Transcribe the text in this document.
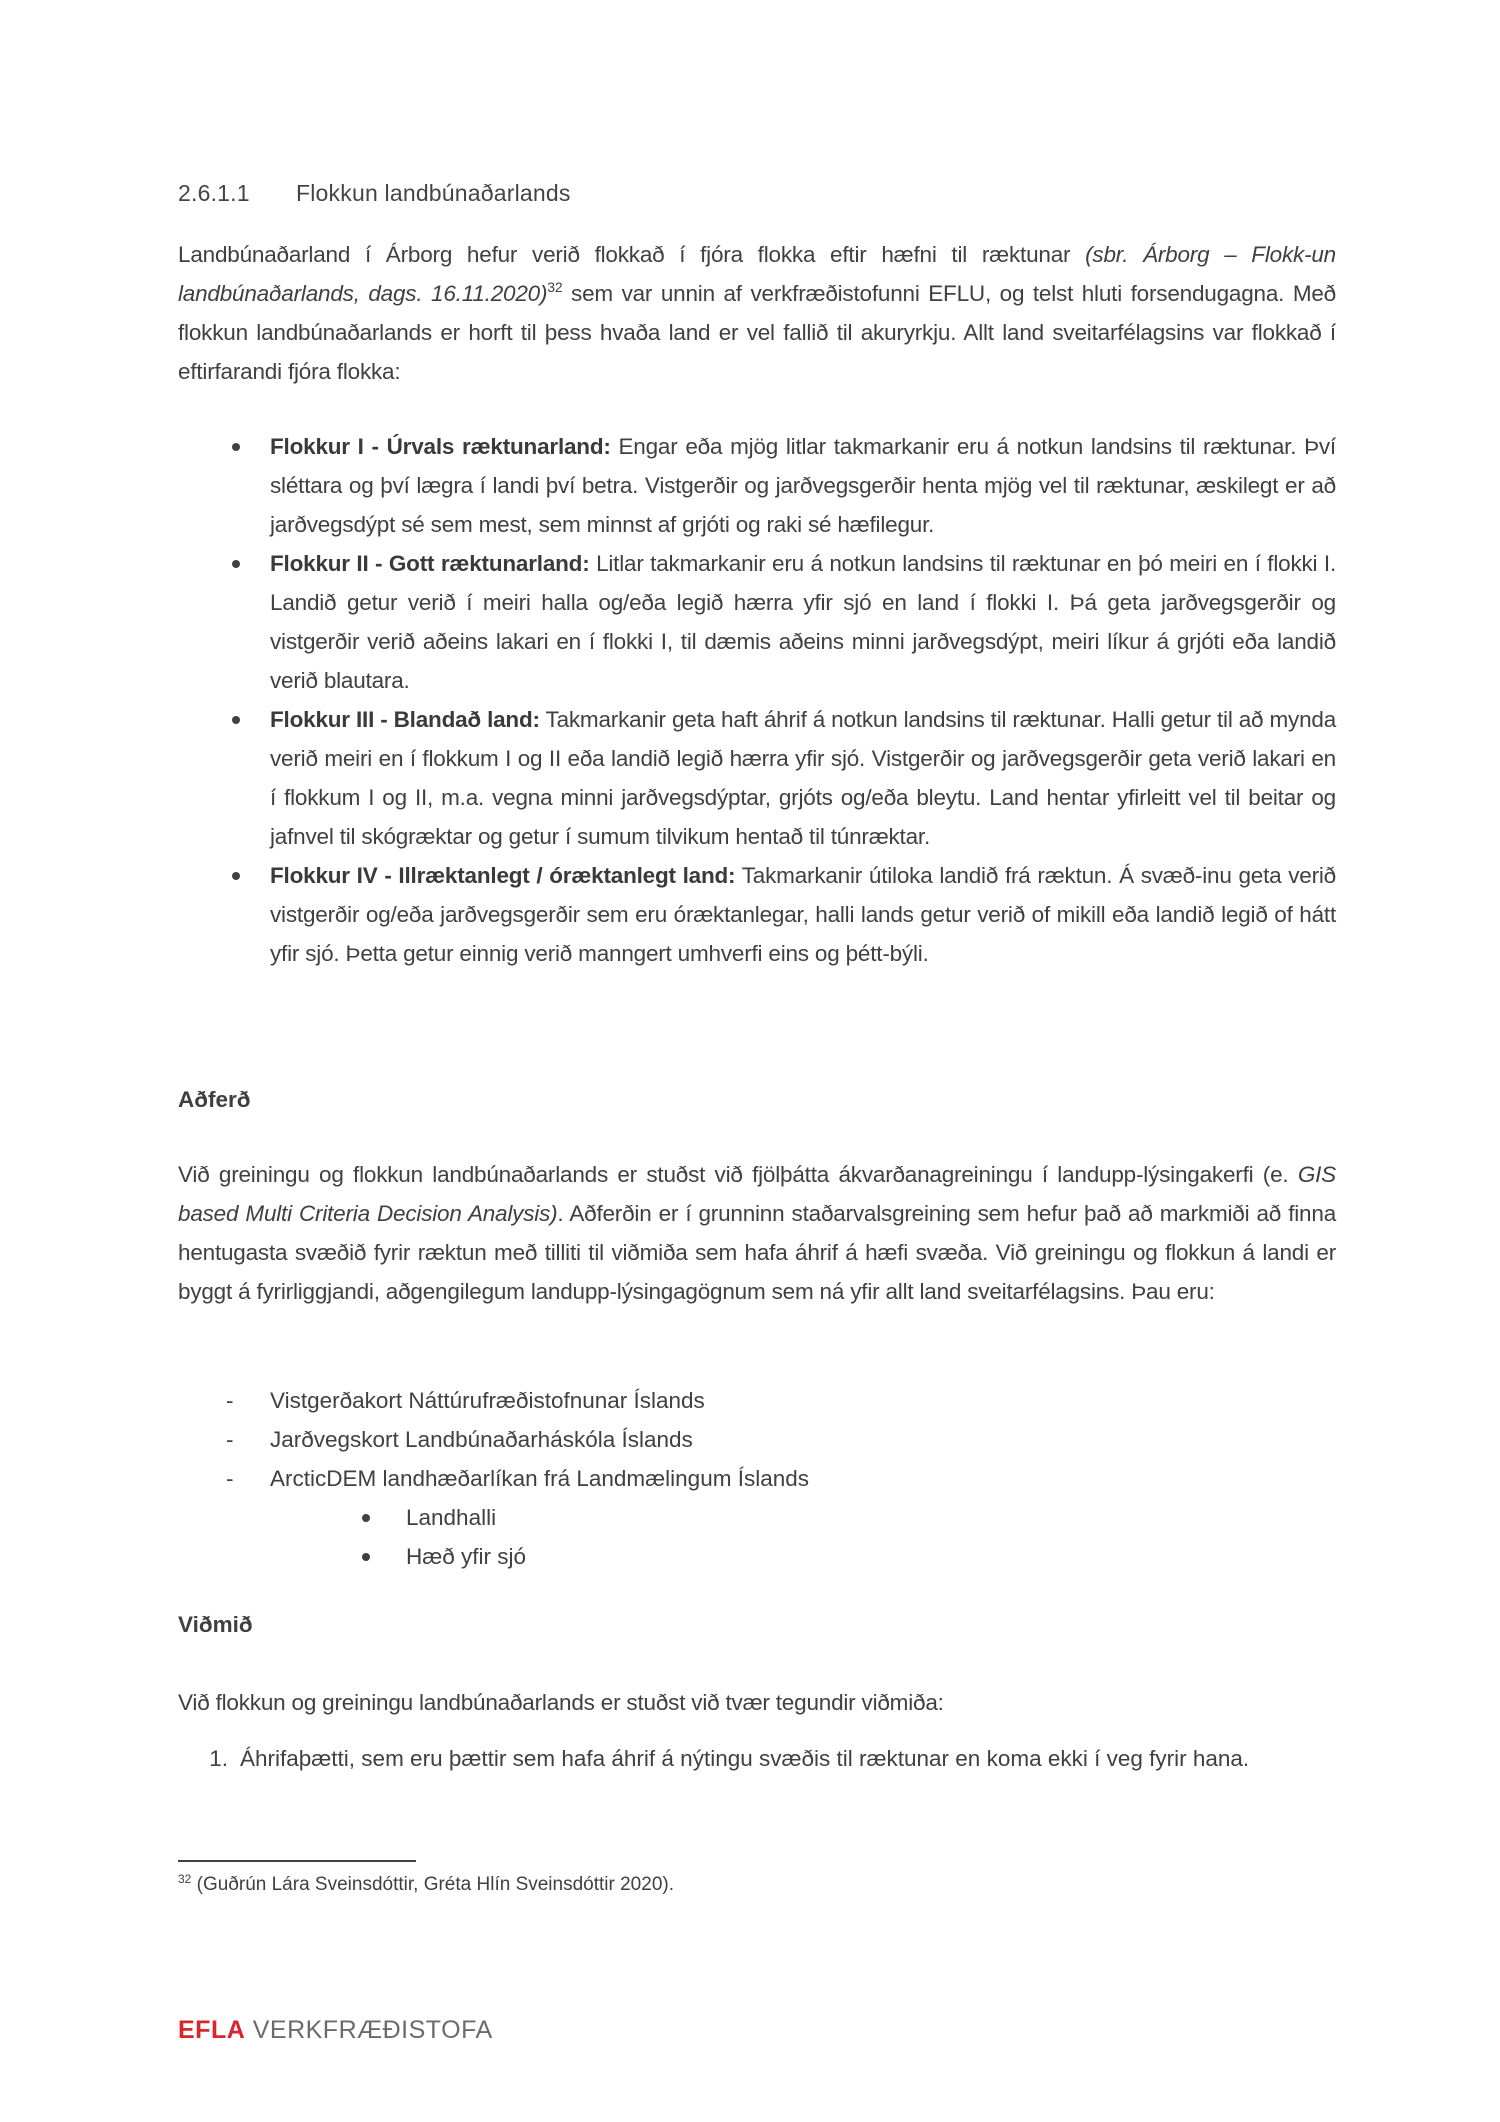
2.6.1.1 Flokkun landbúnaðarlands

Landbúnaðarland í Árborg hefur verið flokkað í fjóra flokka eftir hæfni til ræktunar (sbr. Árborg – Flokk-un landbúnaðarlands, dags. 16.11.2020)$^{32}$ sem var unnin af verkfræðistofunni EFLU, og telst hluti forsendugagna. Með flokkun landbúnaðarlands er horft til þess hvaða land er vel fallið til akuryrkju. Allt land sveitarfélagsins var flokkað í eftirfarandi fjóra flokka:

Flokkur I - Úrvals ræktunarland: Engar eða mjög litlar takmarkanir eru á notkun landsins til ræktunar. Því sléttara og því lægra í landi því betra. Vistgerðir og jarðvegsgerðir henta mjög vel til ræktunar, æskilegt er að jarðvegsdýpt sé sem mest, sem minnst af grjóti og raki sé hæfilegur.
Flokkur II - Gott ræktunarland: Litlar takmarkanir eru á notkun landsins til ræktunar en þó meiri en í flokki I. Landið getur verið í meiri halla og/eða legið hærra yfir sjó en land í flokki I. Þá geta jarðvegsgerðir og vistgerðir verið aðeins lakari en í flokki I, til dæmis aðeins minni jarðvegsdýpt, meiri líkur á grjóti eða landið verið blautara.
Flokkur III - Blandað land: Takmarkanir geta haft áhrif á notkun landsins til ræktunar. Halli getur til að mynda verið meiri en í flokkum I og II eða landið legið hærra yfir sjó. Vistgerðir og jarðvegsgerðir geta verið lakari en í flokkum I og II, m.a. vegna minni jarðvegsdýptar, grjóts og/eða bleytu. Land hentar yfirleitt vel til beitar og jafnvel til skógræktar og getur í sumum tilvikum hentað til túnræktar.
Flokkur IV - Illræktanlegt / óræktanlegt land: Takmarkanir útiloka landið frá ræktun. Á svæð-inu geta verið vistgerðir og/eða jarðvegsgerðir sem eru óræktanlegar, halli lands getur verið of mikill eða landið legið of hátt yfir sjó. Þetta getur einnig verið manngert umhverfi eins og þétt-býli.
Aðferð

Við greiningu og flokkun landbúnaðarlands er stuðst við fjölþátta ákvarðanagreiningu í landupp-lýsingakerfi (e. GIS based Multi Criteria Decision Analysis). Aðferðin er í grunninn staðarvalsgreining sem hefur það að markmiði að finna hentugasta svæðið fyrir ræktun með tilliti til viðmiða sem hafa áhrif á hæfi svæða. Við greiningu og flokkun á landi er byggt á fyrirliggjandi, aðgengilegum landupp-lýsingagögnum sem ná yfir allt land sveitarfélagsins. Þau eru:

- Vistgerðakort Náttúrufræðistofnunar Íslands
- Jarðvegskort Landbúnaðarháskóla Íslands
- ArcticDEM landhæðarlíkan frá Landmælingum Íslands
Landhalli
Hæð yfir sjó
Viðmið

Við flokkun og greiningu landbúnaðarlands er stuðst við tvær tegundir viðmiða:

1. Áhrifaþætti, sem eru þættir sem hafa áhrif á nýtingu svæðis til ræktunar en koma ekki í veg fyrir hana.
$^{32}$ (Guðrún Lára Sveinsdóttir, Gréta Hlín Sveinsdóttir 2020).
EFLA VERKFRÆÐISTOFA
